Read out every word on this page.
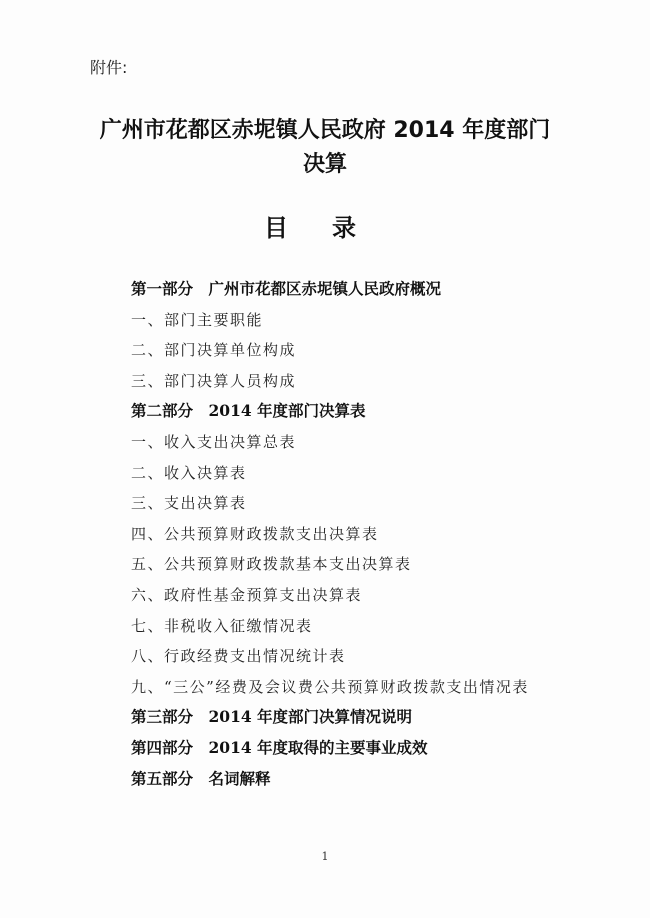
附件:
广州市花都区赤坭镇人民政府 2014 年度部门
决算
目录
第一部分　广州市花都区赤坭镇人民政府概况
一、部门主要职能
二、部门决算单位构成
三、部门决算人员构成
第二部分　2014 年度部门决算表
一、收入支出决算总表
二、收入决算表
三、支出决算表
四、公共预算财政拨款支出决算表
五、公共预算财政拨款基本支出决算表
六、政府性基金预算支出决算表
七、非税收入征缴情况表
八、行政经费支出情况统计表
九、“三公”经费及会议费公共预算财政拨款支出情况表
第三部分　2014 年度部门决算情况说明
第四部分　2014 年度取得的主要事业成效
第五部分　名词解释
1
